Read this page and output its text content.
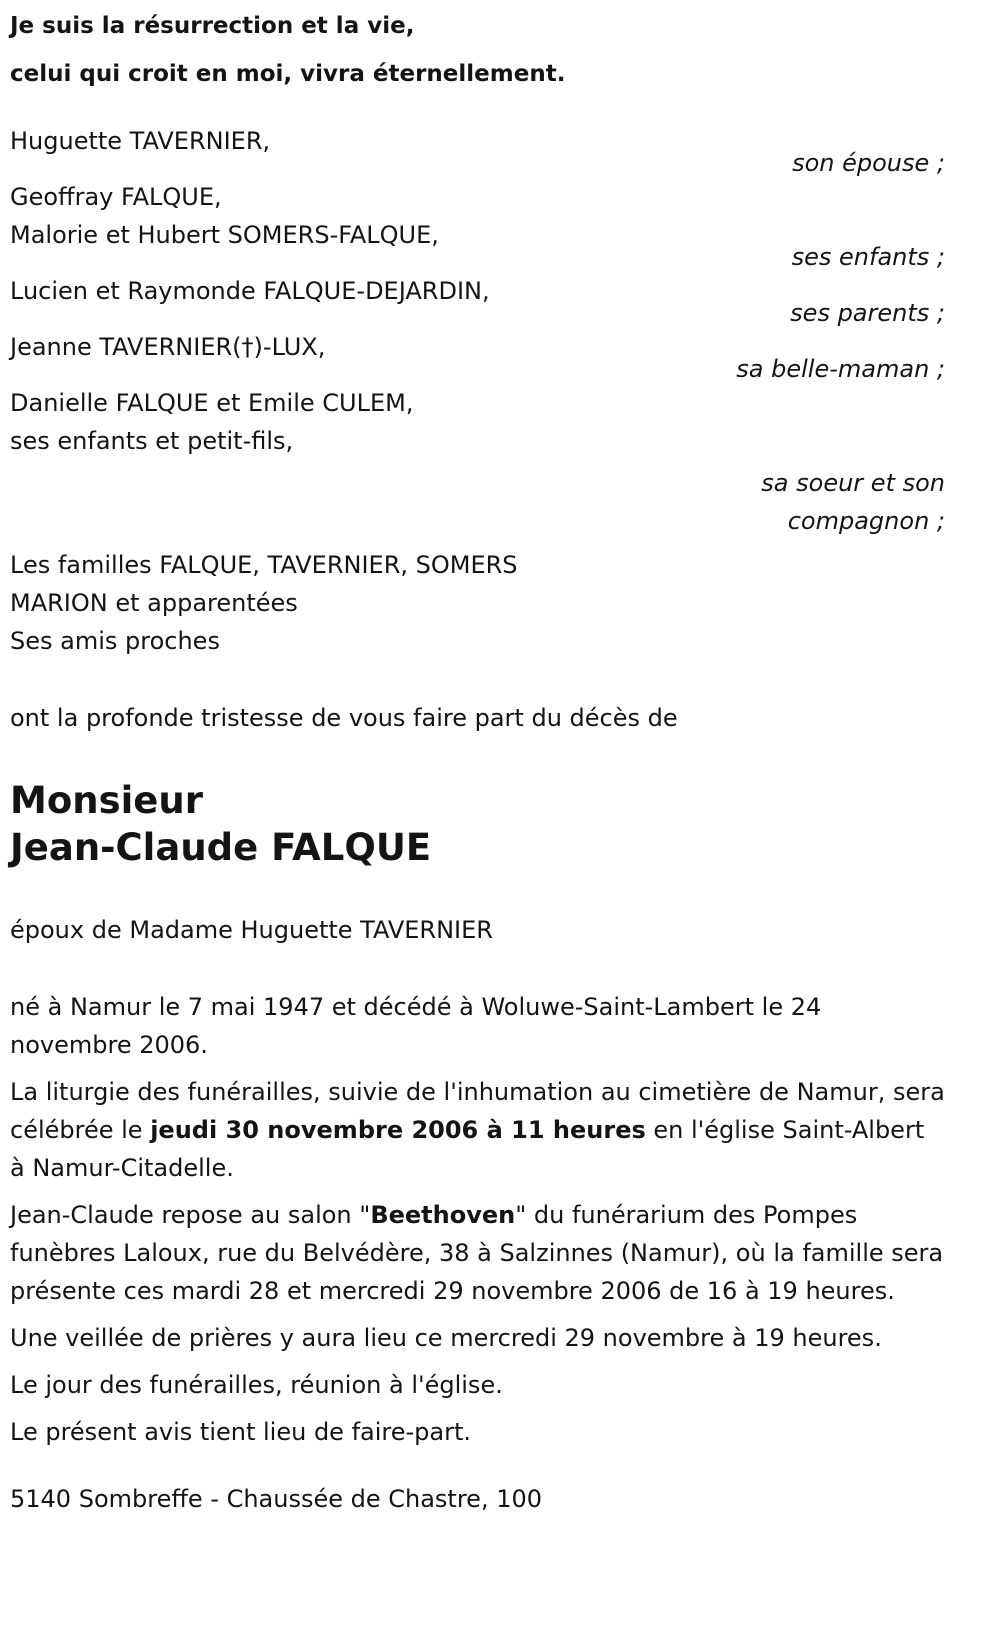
Je suis la résurrection et la vie,
celui qui croit en moi, vivra éternellement.
Huguette TAVERNIER,
son épouse ;
Geoffray FALQUE,
Malorie et Hubert SOMERS-FALQUE,
ses enfants ;
Lucien et Raymonde FALQUE-DEJARDIN,
ses parents ;
Jeanne TAVERNIER(†)-LUX,
sa belle-maman ;
Danielle FALQUE et Emile CULEM,
ses enfants et petit-fils,
sa soeur et son
compagnon ;
Les familles FALQUE, TAVERNIER, SOMERS
MARION et apparentées
Ses amis proches
ont la profonde tristesse de vous faire part du décès de
Monsieur
Jean-Claude FALQUE
époux de Madame Huguette TAVERNIER
né à Namur le 7 mai 1947 et décédé à Woluwe-Saint-Lambert le 24 novembre 2006.
La liturgie des funérailles, suivie de l'inhumation au cimetière de Namur, sera célébrée le jeudi 30 novembre 2006 à 11 heures en l'église Saint-Albert à Namur-Citadelle.
Jean-Claude repose au salon "Beethoven" du funérarium des Pompes funèbres Laloux, rue du Belvédère, 38 à Salzinnes (Namur), où la famille sera présente ces mardi 28 et mercredi 29 novembre 2006 de 16 à 19 heures.
Une veillée de prières y aura lieu ce mercredi 29 novembre à 19 heures.
Le jour des funérailles, réunion à l'église.
Le présent avis tient lieu de faire-part.
5140 Sombreffe - Chaussée de Chastre, 100
